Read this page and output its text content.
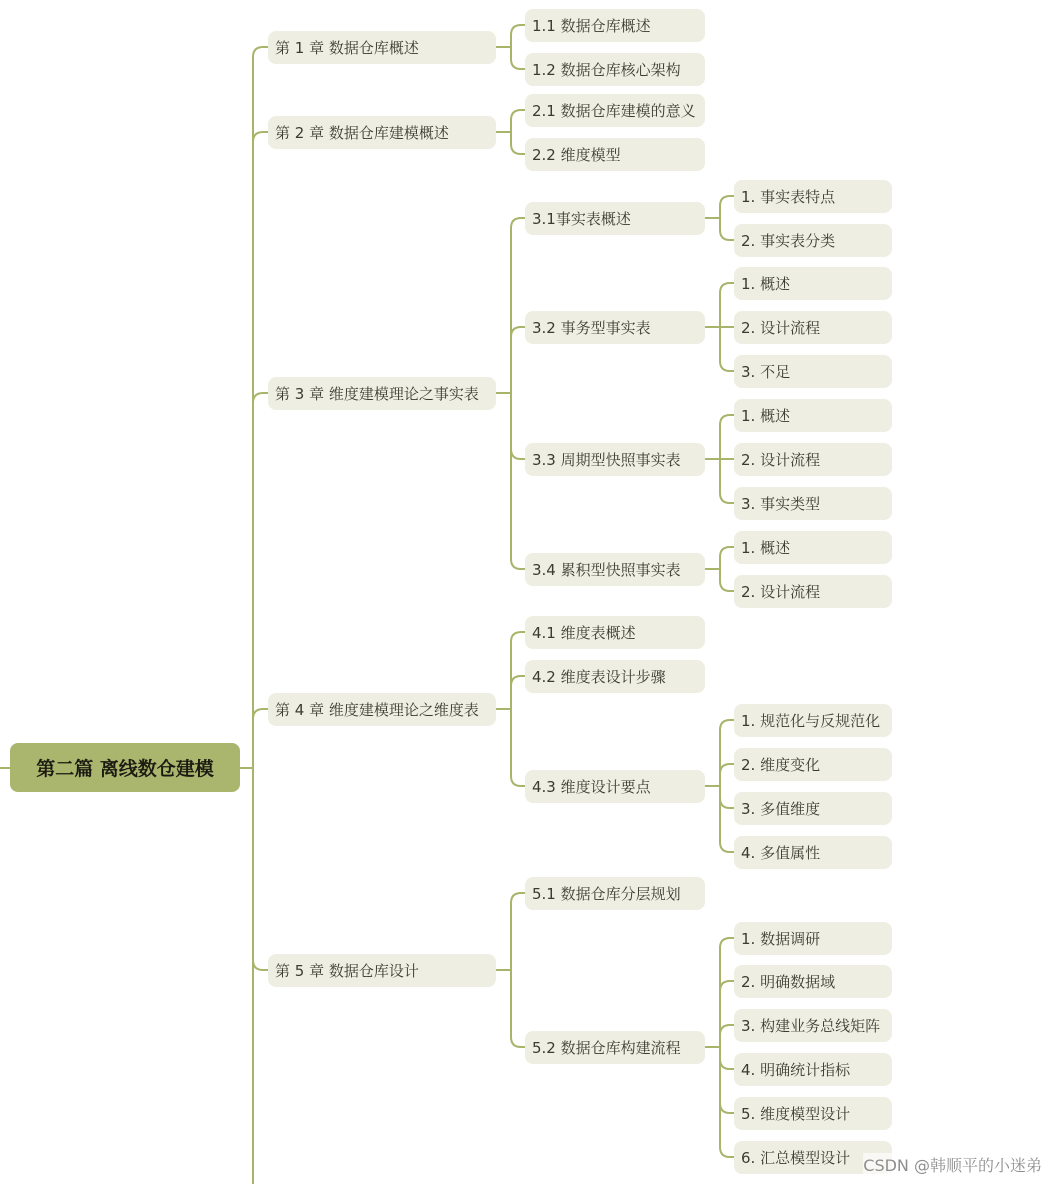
第二篇 离线数仓建模
第 1 章 数据仓库概述
1.1 数据仓库概述
1.2 数据仓库核心架构
第 2 章 数据仓库建模概述
2.1 数据仓库建模的意义
2.2 维度模型
第 3 章 维度建模理论之事实表
3.1事实表概述
1. 事实表特点
2. 事实表分类
3.2 事务型事实表
1. 概述
2. 设计流程
3. 不足
3.3 周期型快照事实表
1. 概述
2. 设计流程
3. 事实类型
3.4 累积型快照事实表
1. 概述
2. 设计流程
第 4 章 维度建模理论之维度表
4.1 维度表概述
4.2 维度表设计步骤
4.3 维度设计要点
1. 规范化与反规范化
2. 维度变化
3. 多值维度
4. 多值属性
第 5 章 数据仓库设计
5.1 数据仓库分层规划
5.2 数据仓库构建流程
1. 数据调研
2. 明确数据域
3. 构建业务总线矩阵
4. 明确统计指标
5. 维度模型设计
6. 汇总模型设计 CSDN @韩顺平的小迷弟
